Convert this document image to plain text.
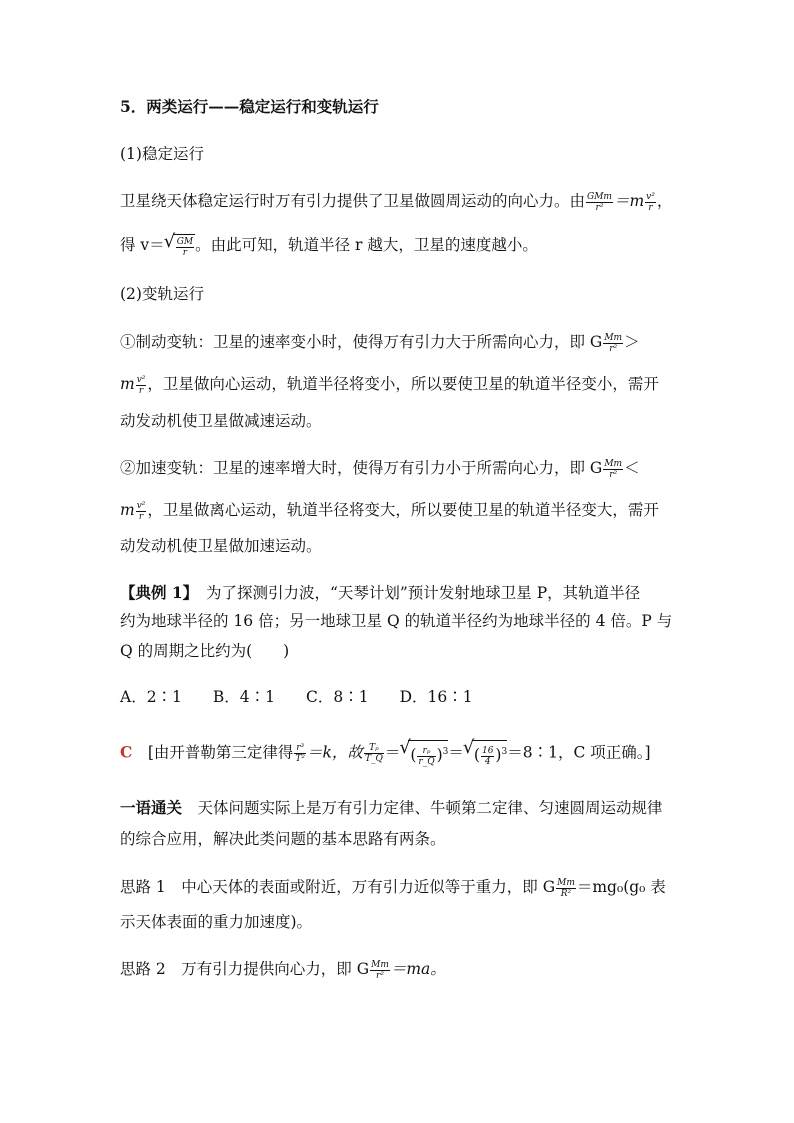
5．两类运行——稳定运行和变轨运行
(1)稳定运行
卫星绕天体稳定运行时万有引力提供了卫星做圆周运动的向心力。由 $\frac{\text{GMm}}{\text{r²}} =m \frac{\text{v²}}{r}$ ，
得 v＝
√ $\frac{GM}{r}$ 。由此可知，轨道半径 r 越大，卫星的速度越小。
(2)变轨运行
①制动变轨：卫星的速率变小时，使得万有引力大于所需向心力，即 G $\frac{Mm}{\text{r²}}$ ＞
m $\frac{\text{v²}}{r}$ ，卫星做向心运动，轨道半径将变小，所以要使卫星的轨道半径变小，需开
动发动机使卫星做减速运动。
②加速变轨：卫星的速率增大时，使得万有引力小于所需向心力，即 G $\frac{Mm}{\text{r²}}$ ＜
m $\frac{\text{v²}}{r}$ ，卫星做离心运动，轨道半径将变大，所以要使卫星的轨道半径变大，需开
动发动机使卫星做加速运动。
【典例 1】　为了探测引力波，“天琴计划”预计发射地球卫星 P，其轨道半径
约为地球半径的 16 倍；另一地球卫星 Q 的轨道半径约为地球半径的 4 倍。P 与
Q 的周期之比约为(　　)
A．2∶1　　B．4∶1　　C．8∶1　　D．16∶1
C　[由开普勒第三定律得 $\frac{\text{r³}}{\text{T²}} =k$，故 $\frac{\text{Tₚ}}{T\_Q}$ ＝√ ( $\frac{\text{rₚ}}{r\_Q} )^3=√$ ( $\frac{16}{4}$ )$^3$＝8∶1，C 项正确。]
一语通关　天体问题实际上是万有引力定律、牛顿第二定律、匀速圆周运动规律
的综合应用，解决此类问题的基本思路有两条。
思路 1　中心天体的表面或附近，万有引力近似等于重力，即 G $\frac{Mm}{\text{R²}} =mg_0(g_0$ 表
示天体表面的重力加速度)。
思路 2　万有引力提供向心力，即 G $\frac{Mm}{\text{r²}} =ma$。
